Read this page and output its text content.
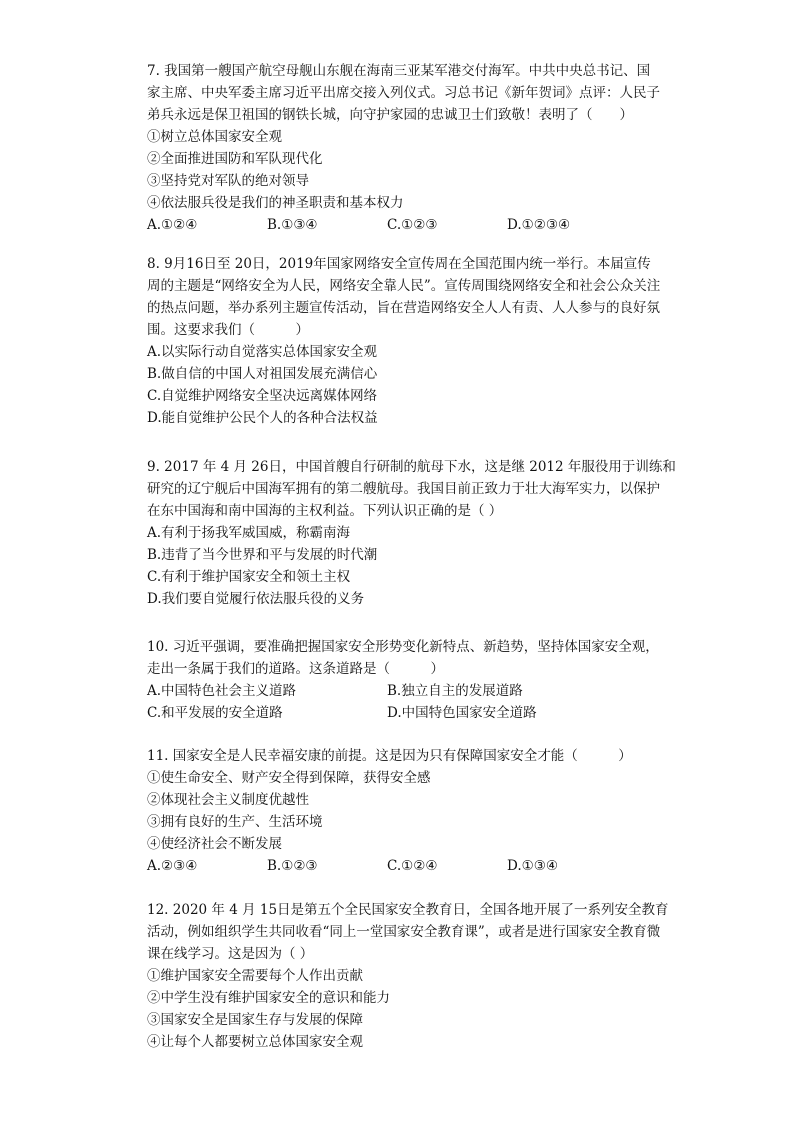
7. 我国第一艘国产航空母舰山东舰在海南三亚某军港交付海军。中共中央总书记、国

家主席、中央军委主席习近平出席交接入列仪式。习总书记《新年贺词》点评：人民子

弟兵永远是保卫祖国的钢铁长城，向守护家园的忠诚卫士们致敬！表明了（　　）

①树立总体国家安全观

②全面推进国防和军队现代化

③坚持党对军队的绝对领导

④依法服兵役是我们的神圣职责和基本权力

A.①②④	B.①③④	C.①②③	D.①②③④

8. 9月16日至 20日，2019年国家网络安全宣传周在全国范围内统一举行。本届宣传

周的主题是“网络安全为人民，网络安全靠人民”。宣传周围绕网络安全和社会公众关注

的热点问题，举办系列主题宣传活动，旨在营造网络安全人人有责、人人参与的良好氛

围。这要求我们（　　　）

A.以实际行动自觉落实总体国家安全观

B.做自信的中国人对祖国发展充满信心

C.自觉维护网络安全坚决远离媒体网络

D.能自觉维护公民个人的各种合法权益

9. 2017 年 4 月 26日，中国首艘自行研制的航母下水，这是继 2012 年服役用于训练和

研究的辽宁舰后中国海军拥有的第二艘航母。我国目前正致力于壮大海军实力，以保护

在东中国海和南中国海的主权利益。下列认识正确的是（ ）

A.有利于扬我军威国威，称霸南海

B.违背了当今世界和平与发展的时代潮

C.有利于维护国家安全和领土主权

D.我们要自觉履行依法服兵役的义务

10. 习近平强调，要准确把握国家安全形势变化新特点、新趋势，坚持体国家安全观，

走出一条属于我们的道路。这条道路是（　　　）

A.中国特色社会主义道路	B.独立自主的发展道路

C.和平发展的安全道路	D.中国特色国家安全道路

11. 国家安全是人民幸福安康的前提。这是因为只有保障国家安全才能（　　　）

①使生命安全、财产安全得到保障，获得安全感

②体现社会主义制度优越性

③拥有良好的生产、生活环境

④使经济社会不断发展

A.②③④	B.①②③	C.①②④	D.①③④

12. 2020 年 4 月 15日是第五个全民国家安全教育日，全国各地开展了一系列安全教育

活动，例如组织学生共同收看“同上一堂国家安全教育课”，或者是进行国家安全教育微

课在线学习。这是因为（ ）

①维护国家安全需要每个人作出贡献

②中学生没有维护国家安全的意识和能力

③国家安全是国家生存与发展的保障

④让每个人都要树立总体国家安全观
